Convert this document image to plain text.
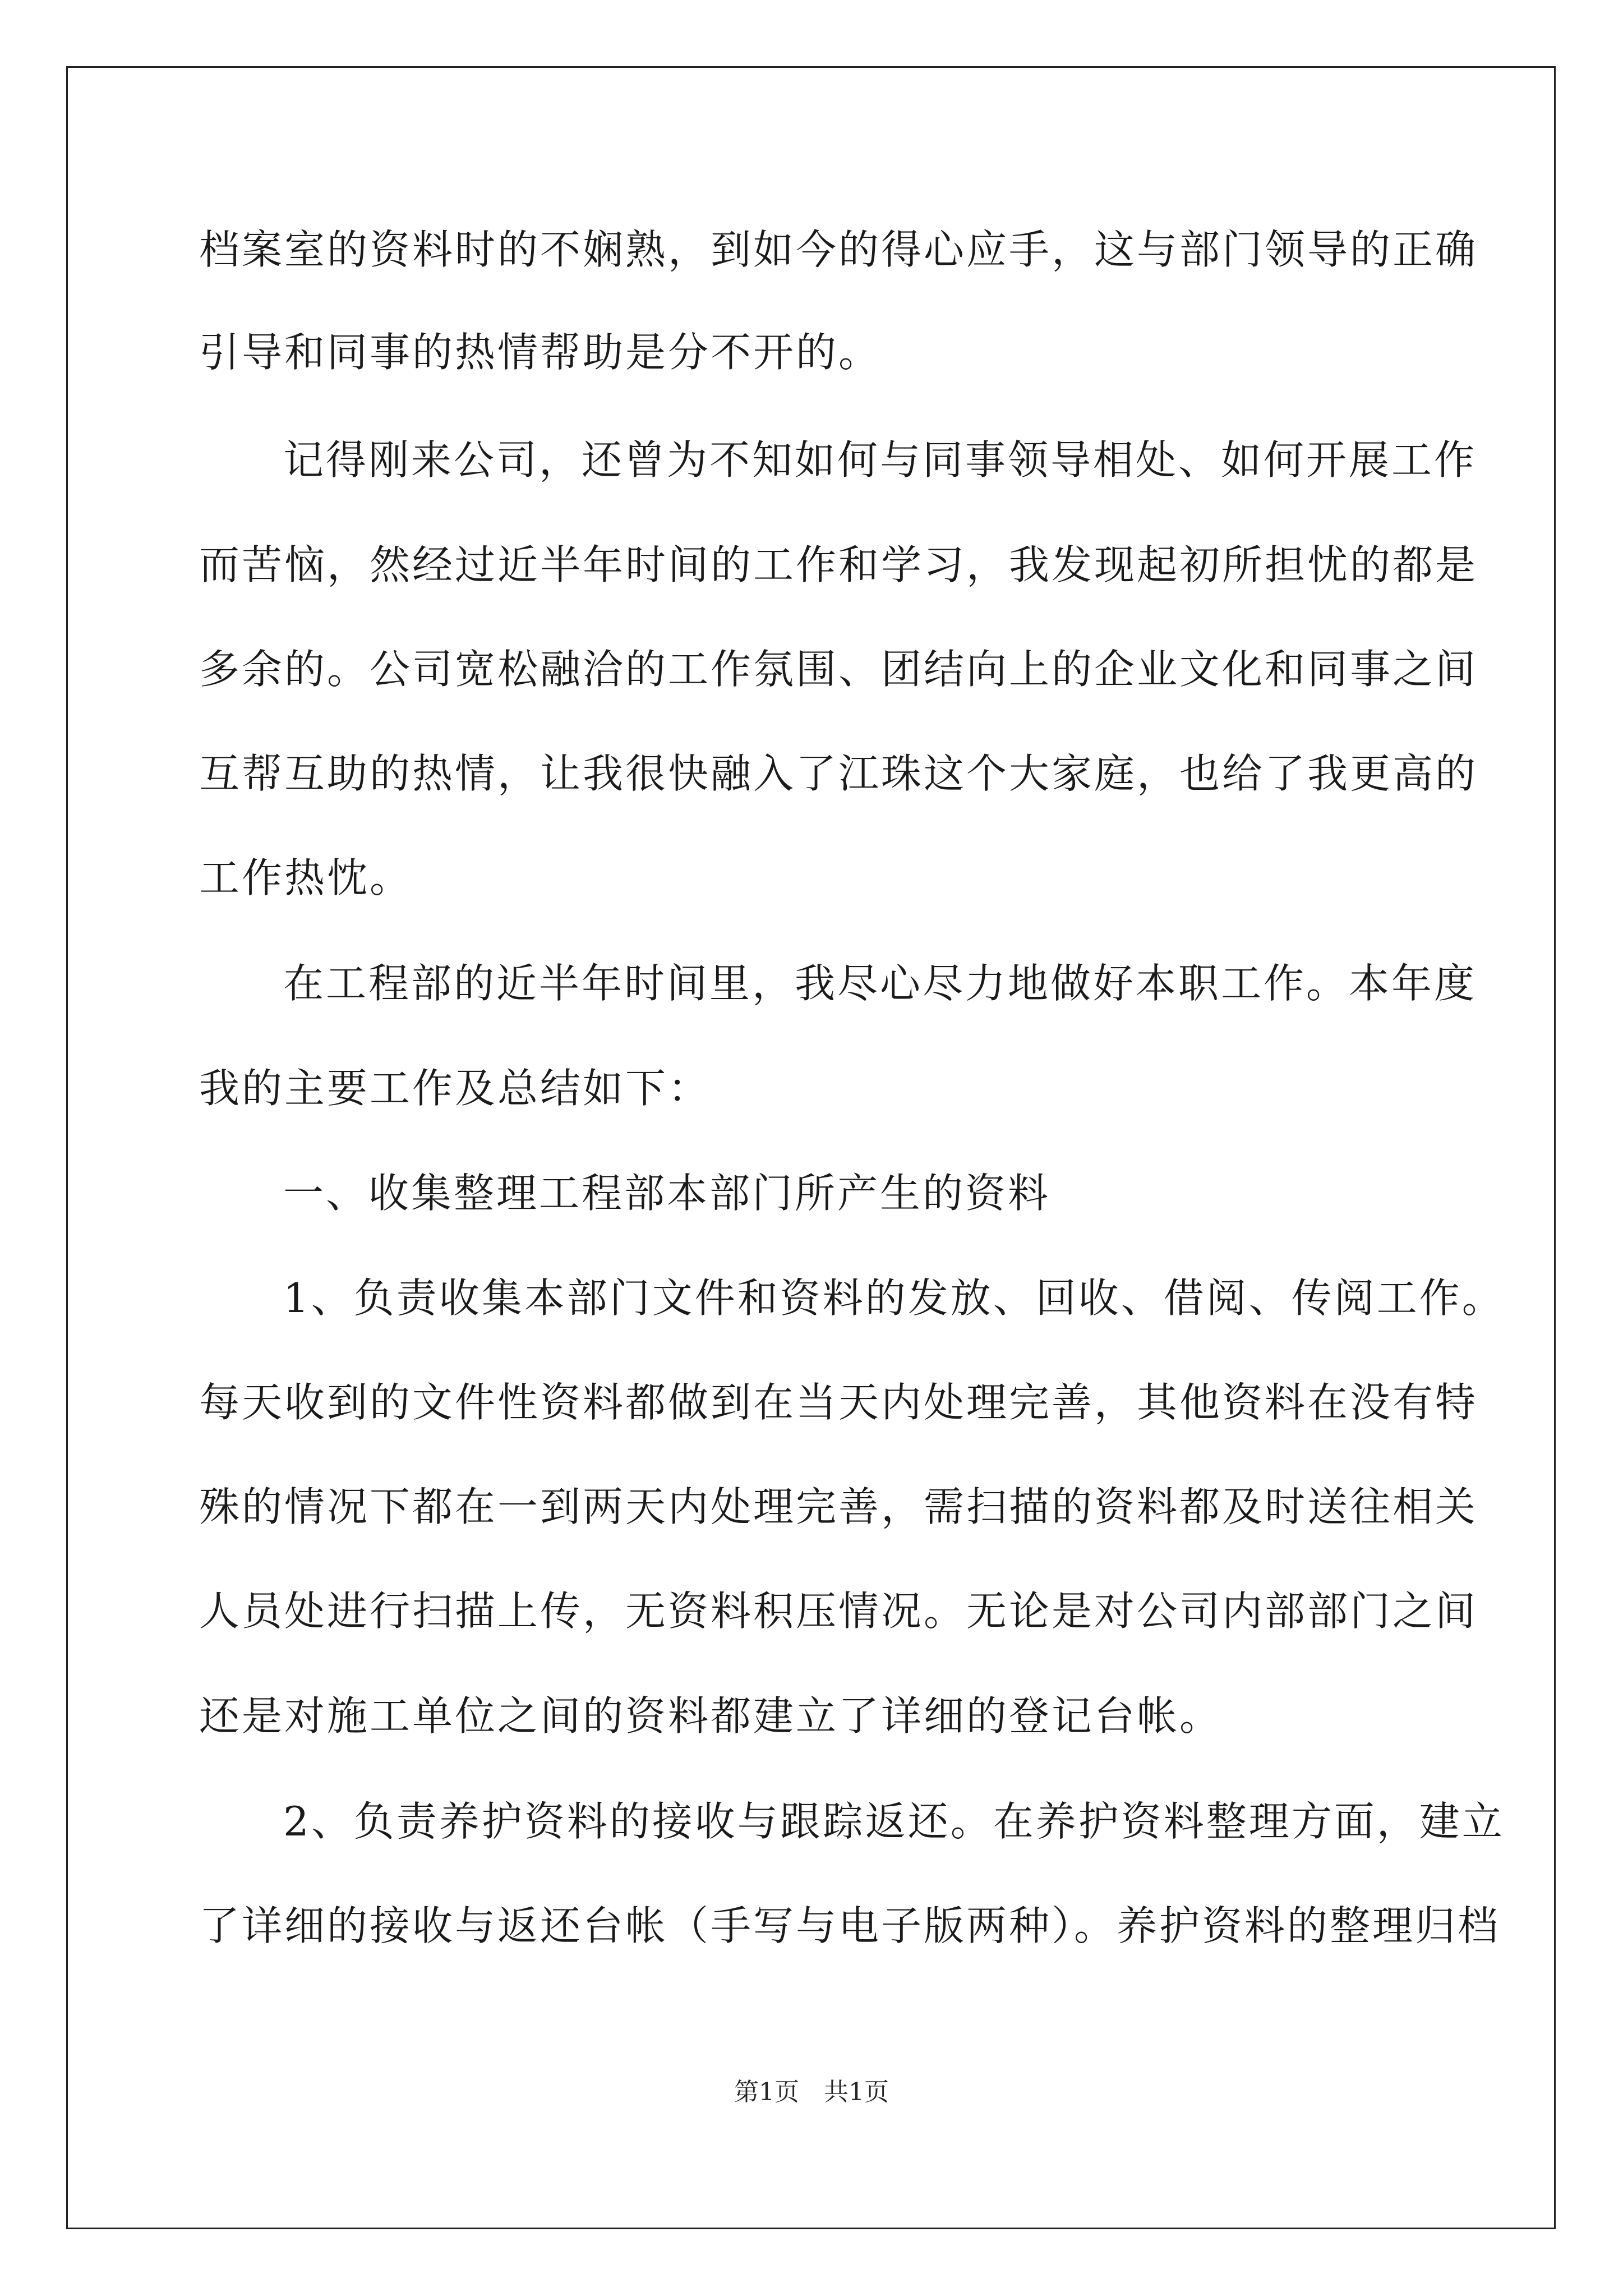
档案室的资料时的不娴熟，到如今的得心应手，这与部门领导的正确
引导和同事的热情帮助是分不开的。
记得刚来公司，还曾为不知如何与同事领导相处、如何开展工作
而苦恼，然经过近半年时间的工作和学习，我发现起初所担忧的都是
多余的。公司宽松融洽的工作氛围、团结向上的企业文化和同事之间
互帮互助的热情，让我很快融入了江珠这个大家庭，也给了我更高的
工作热忱。
在工程部的近半年时间里，我尽心尽力地做好本职工作。本年度
我的主要工作及总结如下：
一、收集整理工程部本部门所产生的资料
1、负责收集本部门文件和资料的发放、回收、借阅、传阅工作。
每天收到的文件性资料都做到在当天内处理完善，其他资料在没有特
殊的情况下都在一到两天内处理完善，需扫描的资料都及时送往相关
人员处进行扫描上传，无资料积压情况。无论是对公司内部部门之间
还是对施工单位之间的资料都建立了详细的登记台帐。
2、负责养护资料的接收与跟踪返还。在养护资料整理方面，建立
了详细的接收与返还台帐（手写与电子版两种）。养护资料的整理归档
第1页　共1页
